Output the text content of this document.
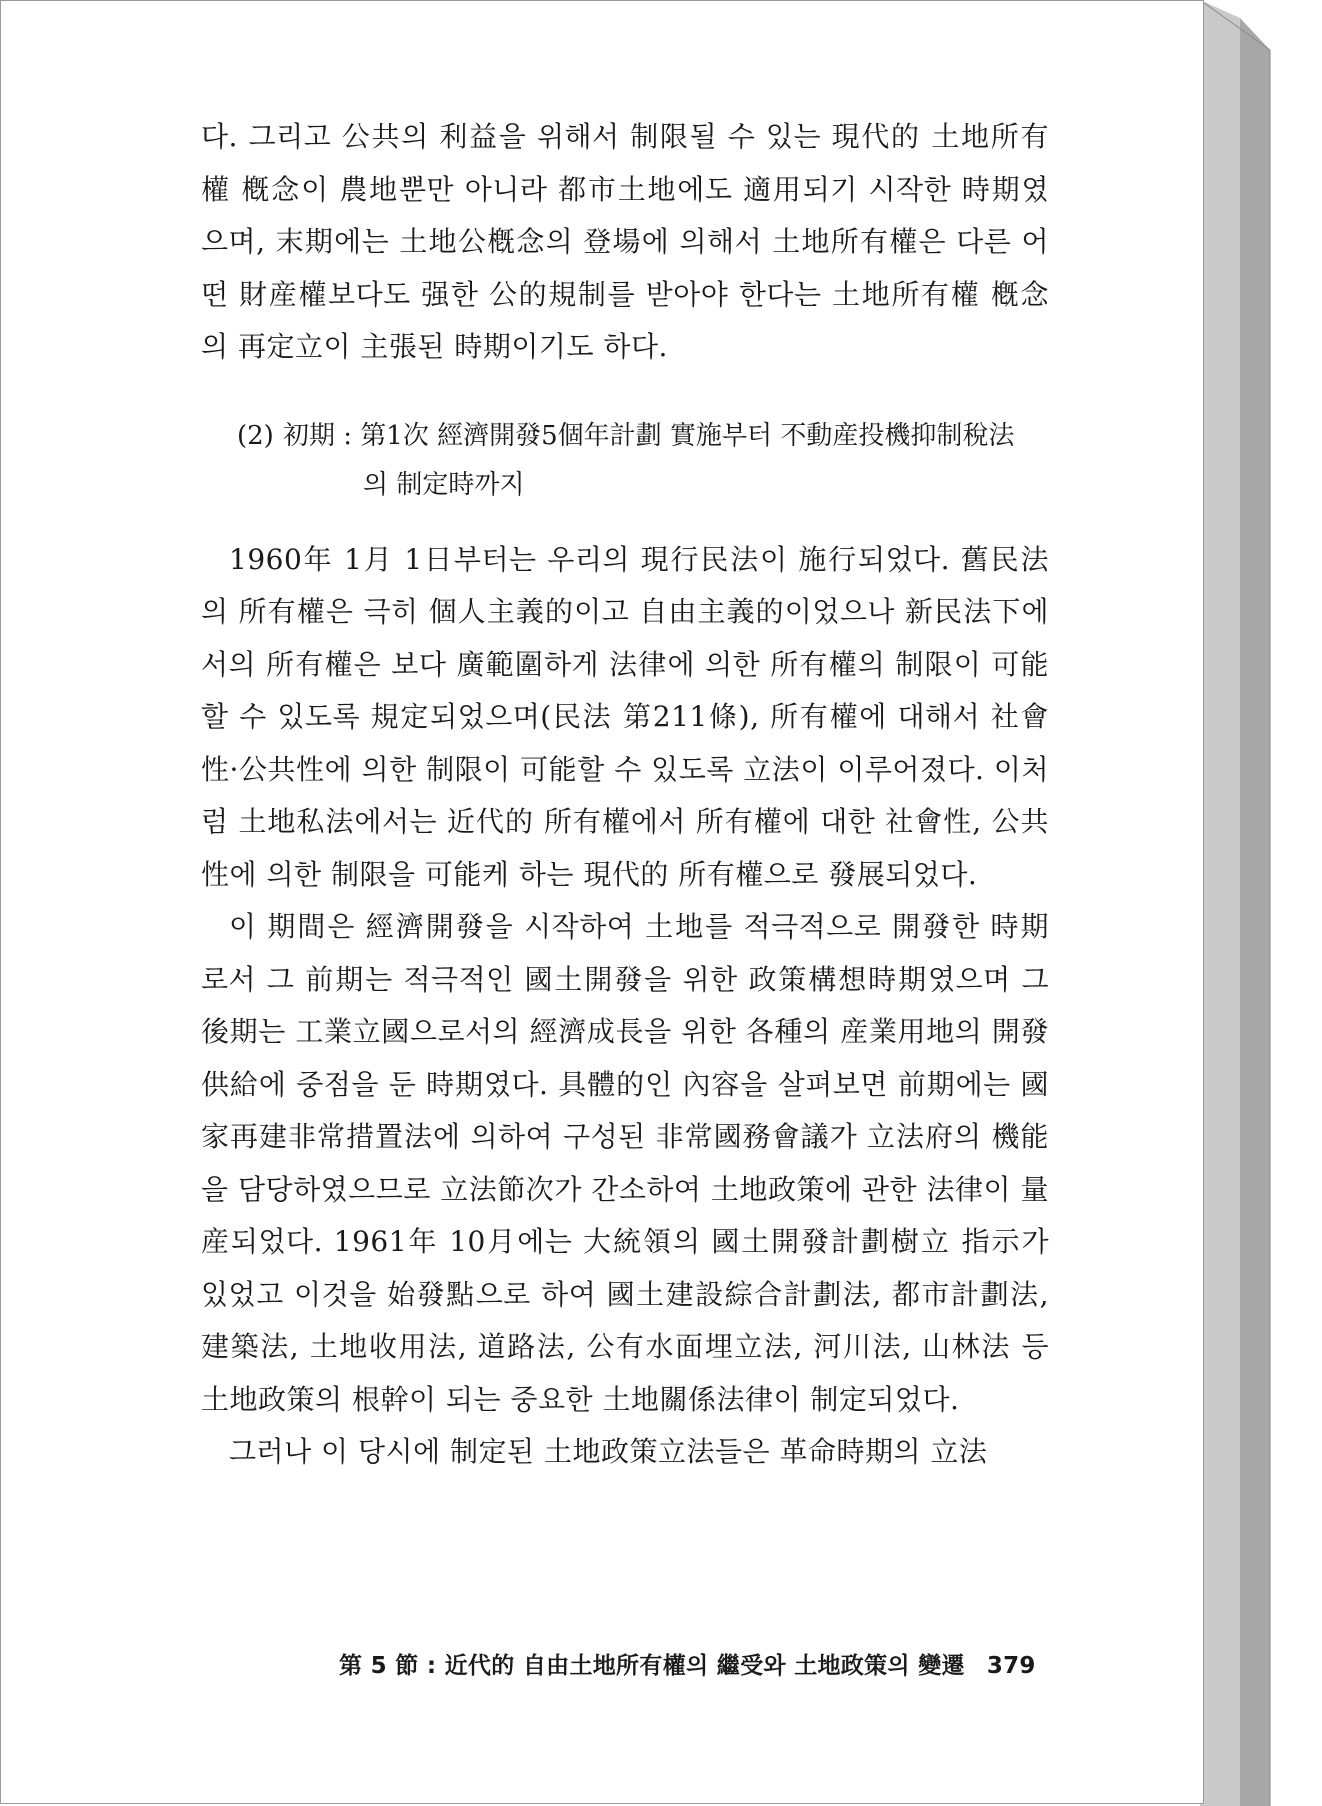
다. 그리고 公共의 利益을 위해서 制限될 수 있는 現代的 土地所有權 槪念이 農地뿐만 아니라 都市土地에도 適用되기 시작한 時期였으며, 末期에는 土地公槪念의 登場에 의해서 土地所有權은 다른 어떤 財産權보다도 强한 公的規制를 받아야 한다는 土地所有權 槪念의 再定立이 主張된 時期이기도 하다.

(2) 初期 : 第1次 經濟開發5個年計劃 實施부터 不動産投機抑制稅法
의 制定時까지

1960年 1月 1日부터는 우리의 現行民法이 施行되었다. 舊民法의 所有權은 극히 個人主義的이고 自由主義的이었으나 新民法下에서의 所有權은 보다 廣範圍하게 法律에 의한 所有權의 制限이 可能할 수 있도록 規定되었으며(民法 第211條), 所有權에 대해서 社會性·公共性에 의한 制限이 可能할 수 있도록 立法이 이루어졌다. 이처럼 土地私法에서는 近代的 所有權에서 所有權에 대한 社會性, 公共性에 의한 制限을 可能케 하는 現代的 所有權으로 發展되었다.

이 期間은 經濟開發을 시작하여 土地를 적극적으로 開發한 時期로서 그 前期는 적극적인 國土開發을 위한 政策構想時期였으며 그 後期는 工業立國으로서의 經濟成長을 위한 各種의 産業用地의 開發供給에 중점을 둔 時期였다. 具體的인 內容을 살펴보면 前期에는 國家再建非常措置法에 의하여 구성된 非常國務會議가 立法府의 機能을 담당하였으므로 立法節次가 간소하여 土地政策에 관한 法律이 量産되었다. 1961年 10月에는 大統領의 國土開發計劃樹立 指示가 있었고 이것을 始發點으로 하여 國土建設綜合計劃法, 都市計劃法, 建築法, 土地收用法, 道路法, 公有水面埋立法, 河川法, 山林法 등 土地政策의 根幹이 되는 중요한 土地關係法律이 制定되었다.

그러나 이 당시에 制定된 土地政策立法들은 革命時期의 立法

第 5 節 : 近代的 自由土地所有權의 繼受와 土地政策의 變遷 379
